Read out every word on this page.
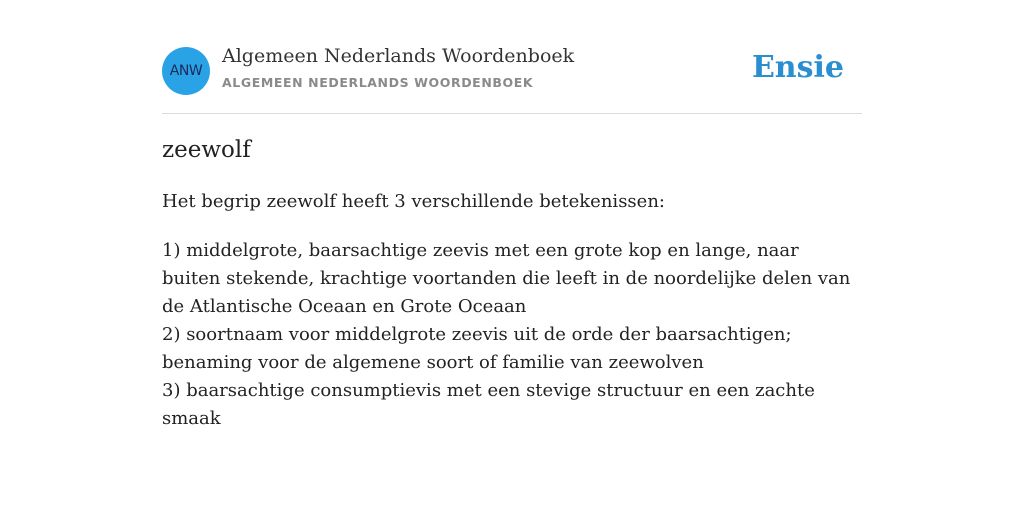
ANW
Algemeen Nederlands Woordenboek
ALGEMEEN NEDERLANDS WOORDENBOEK	Ensie
zeewolf
Het begrip zeewolf heeft 3 verschillende betekenissen:
1) middelgrote, baarsachtige zeevis met een grote kop en lange, naar buiten stekende, krachtige voortanden die leeft in de noordelijke delen van de Atlantische Oceaan en Grote Oceaan
2) soortnaam voor middelgrote zeevis uit de orde der baarsachtigen; benaming voor de algemene soort of familie van zeewolven
3) baarsachtige consumptievis met een stevige structuur en een zachte smaak
